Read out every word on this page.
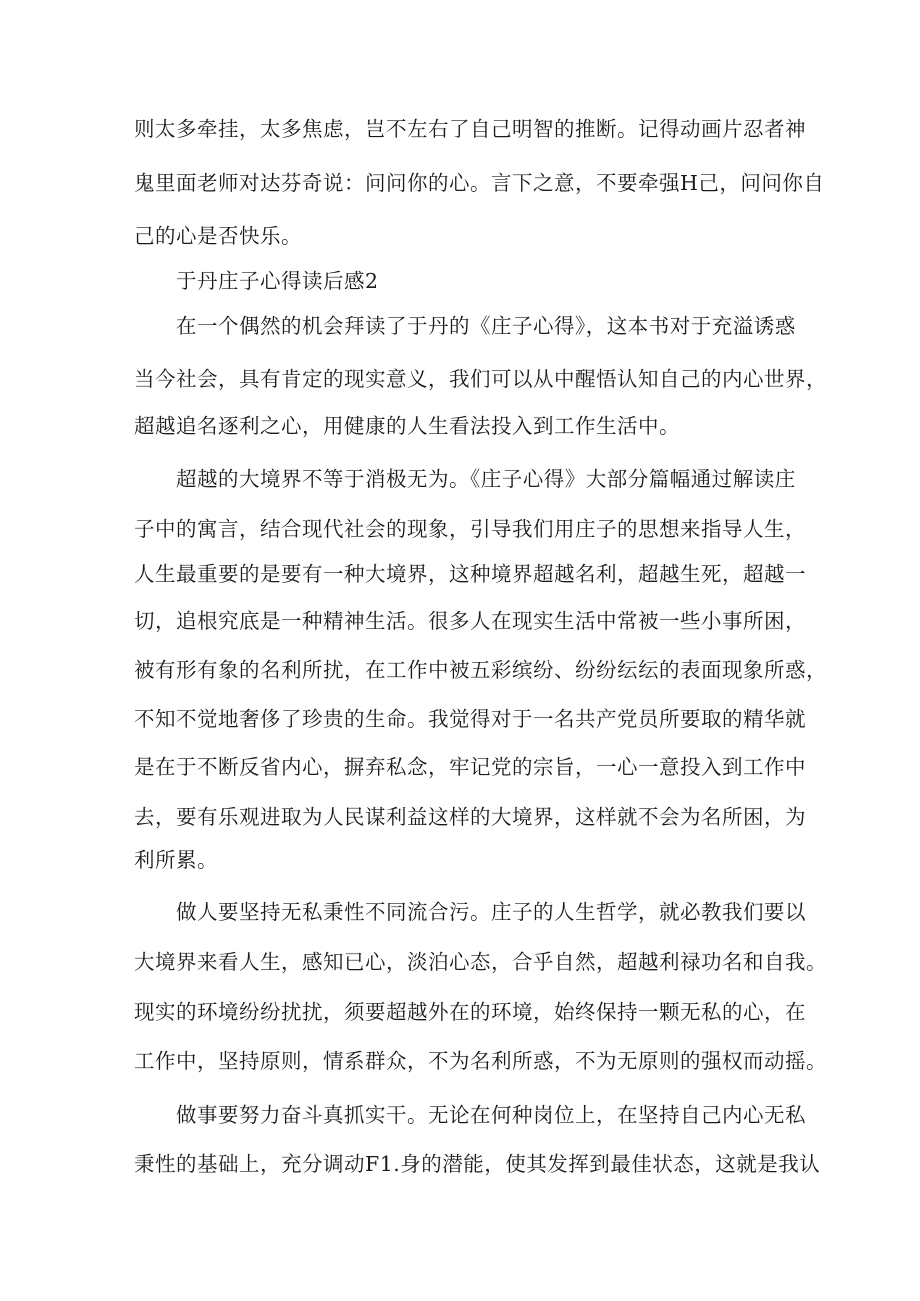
则太多牵挂，太多焦虑，岂不左右了自己明智的推断。记得动画片忍者神
鬼里面老师对达芬奇说：问问你的心。言下之意，不要牵强H己，问问你自
己的心是否快乐。
于丹庄子心得读后感2
在一个偶然的机会拜读了于丹的《庄子心得》，这本书对于充溢诱惑
当今社会，具有肯定的现实意义，我们可以从中醒悟认知自己的内心世界，
超越追名逐利之心，用健康的人生看法投入到工作生活中。
超越的大境界不等于消极无为。《庄子心得》大部分篇幅通过解读庄
子中的寓言，结合现代社会的现象，引导我们用庄子的思想来指导人生，
人生最重要的是要有一种大境界，这种境界超越名利，超越生死，超越一
切，追根究底是一种精神生活。很多人在现实生活中常被一些小事所困，
被有形有象的名利所扰，在工作中被五彩缤纷、纷纷纭纭的表面现象所惑，
不知不觉地奢侈了珍贵的生命。我觉得对于一名共产党员所要取的精华就
是在于不断反省内心，摒弃私念，牢记党的宗旨，一心一意投入到工作中
去，要有乐观进取为人民谋利益这样的大境界，这样就不会为名所困，为
利所累。
做人要坚持无私秉性不同流合污。庄子的人生哲学，就必教我们要以
大境界来看人生，感知已心，淡泊心态，合乎自然，超越利禄功名和自我。
现实的环境纷纷扰扰，须要超越外在的环境，始终保持一颗无私的心，在
工作中，坚持原则，情系群众，不为名利所惑，不为无原则的强权而动摇。
做事要努力奋斗真抓实干。无论在何种岗位上，在坚持自己内心无私
秉性的基础上，充分调动F1.身的潜能，使其发挥到最佳状态，这就是我认
